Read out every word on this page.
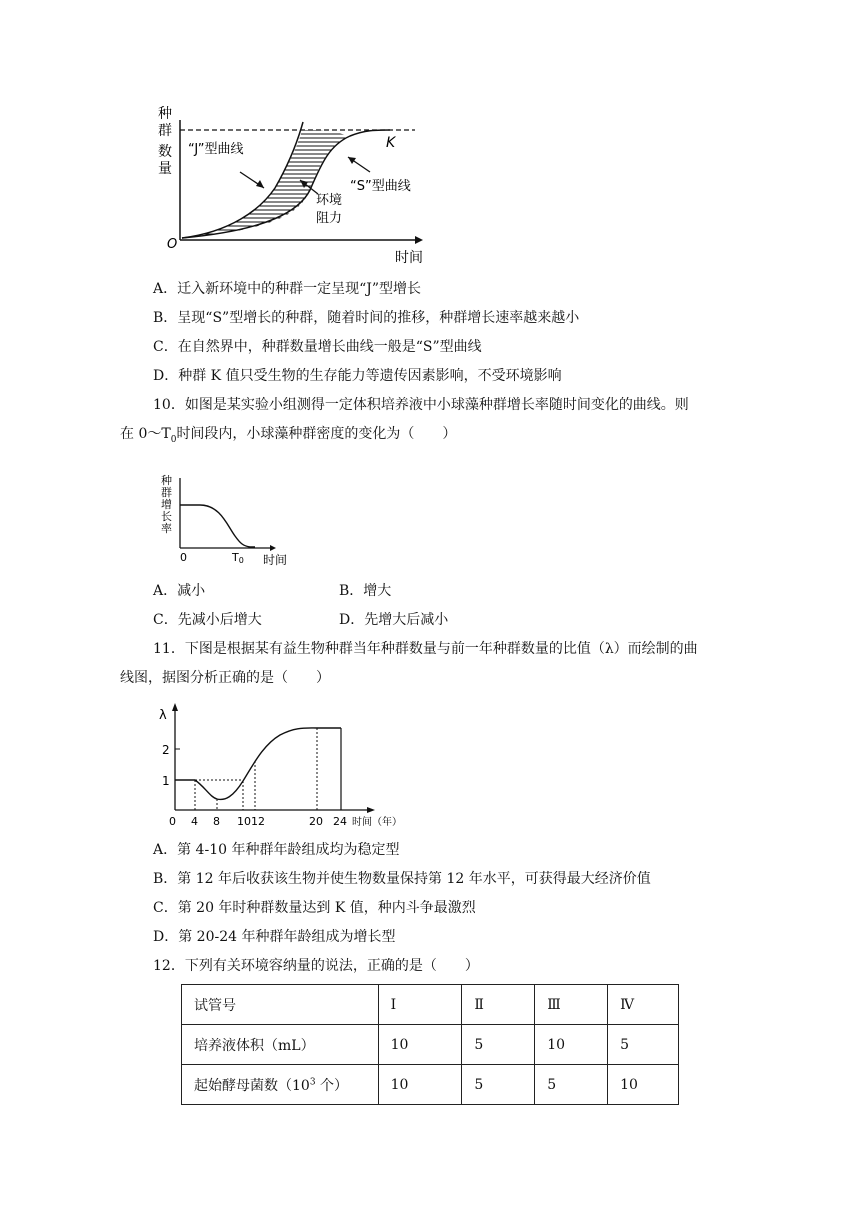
种
群
数
量
O
K
“J”型曲线
“S”型曲线
环境
阻力
时间
A．迁入新环境中的种群一定呈现“J”型增长
B．呈现“S”型增长的种群，随着时间的推移，种群增长速率越来越小
C．在自然界中，种群数量增长曲线一般是“S”型曲线
D．种群 K 值只受生物的生存能力等遗传因素影响，不受环境影响
10．如图是某实验小组测得一定体积培养液中小球藻种群增长率随时间变化的曲线。则
在 $0\sim T_0$时间段内，小球藻种群密度的变化为（　　）
种
群
增
长
率
0	T0 时间
A．减小	B．增大
C．先减小后增大	D．先增大后减小
11．下图是根据某有益生物种群当年种群数量与前一年种群数量的比值（λ）而绘制的曲
线图，据图分析正确的是（　　）
λ
2
1
0 4 8 1012	20 24 时间（年）
A．第 4-10 年种群年龄组成均为稳定型
B．第 12 年后收获该生物并使生物数量保持第 12 年水平，可获得最大经济价值
C．第 20 年时种群数量达到 K 值，种内斗争最激烈
D．第 20-24 年种群年龄组成为增长型
12．下列有关环境容纳量的说法，正确的是（　　）
试管号	Ⅰ	Ⅱ	Ⅲ	Ⅳ
培养液体积（mL）	10	5	10	5
起始酵母菌数（$10^3$ 个）	10	5	5	10
